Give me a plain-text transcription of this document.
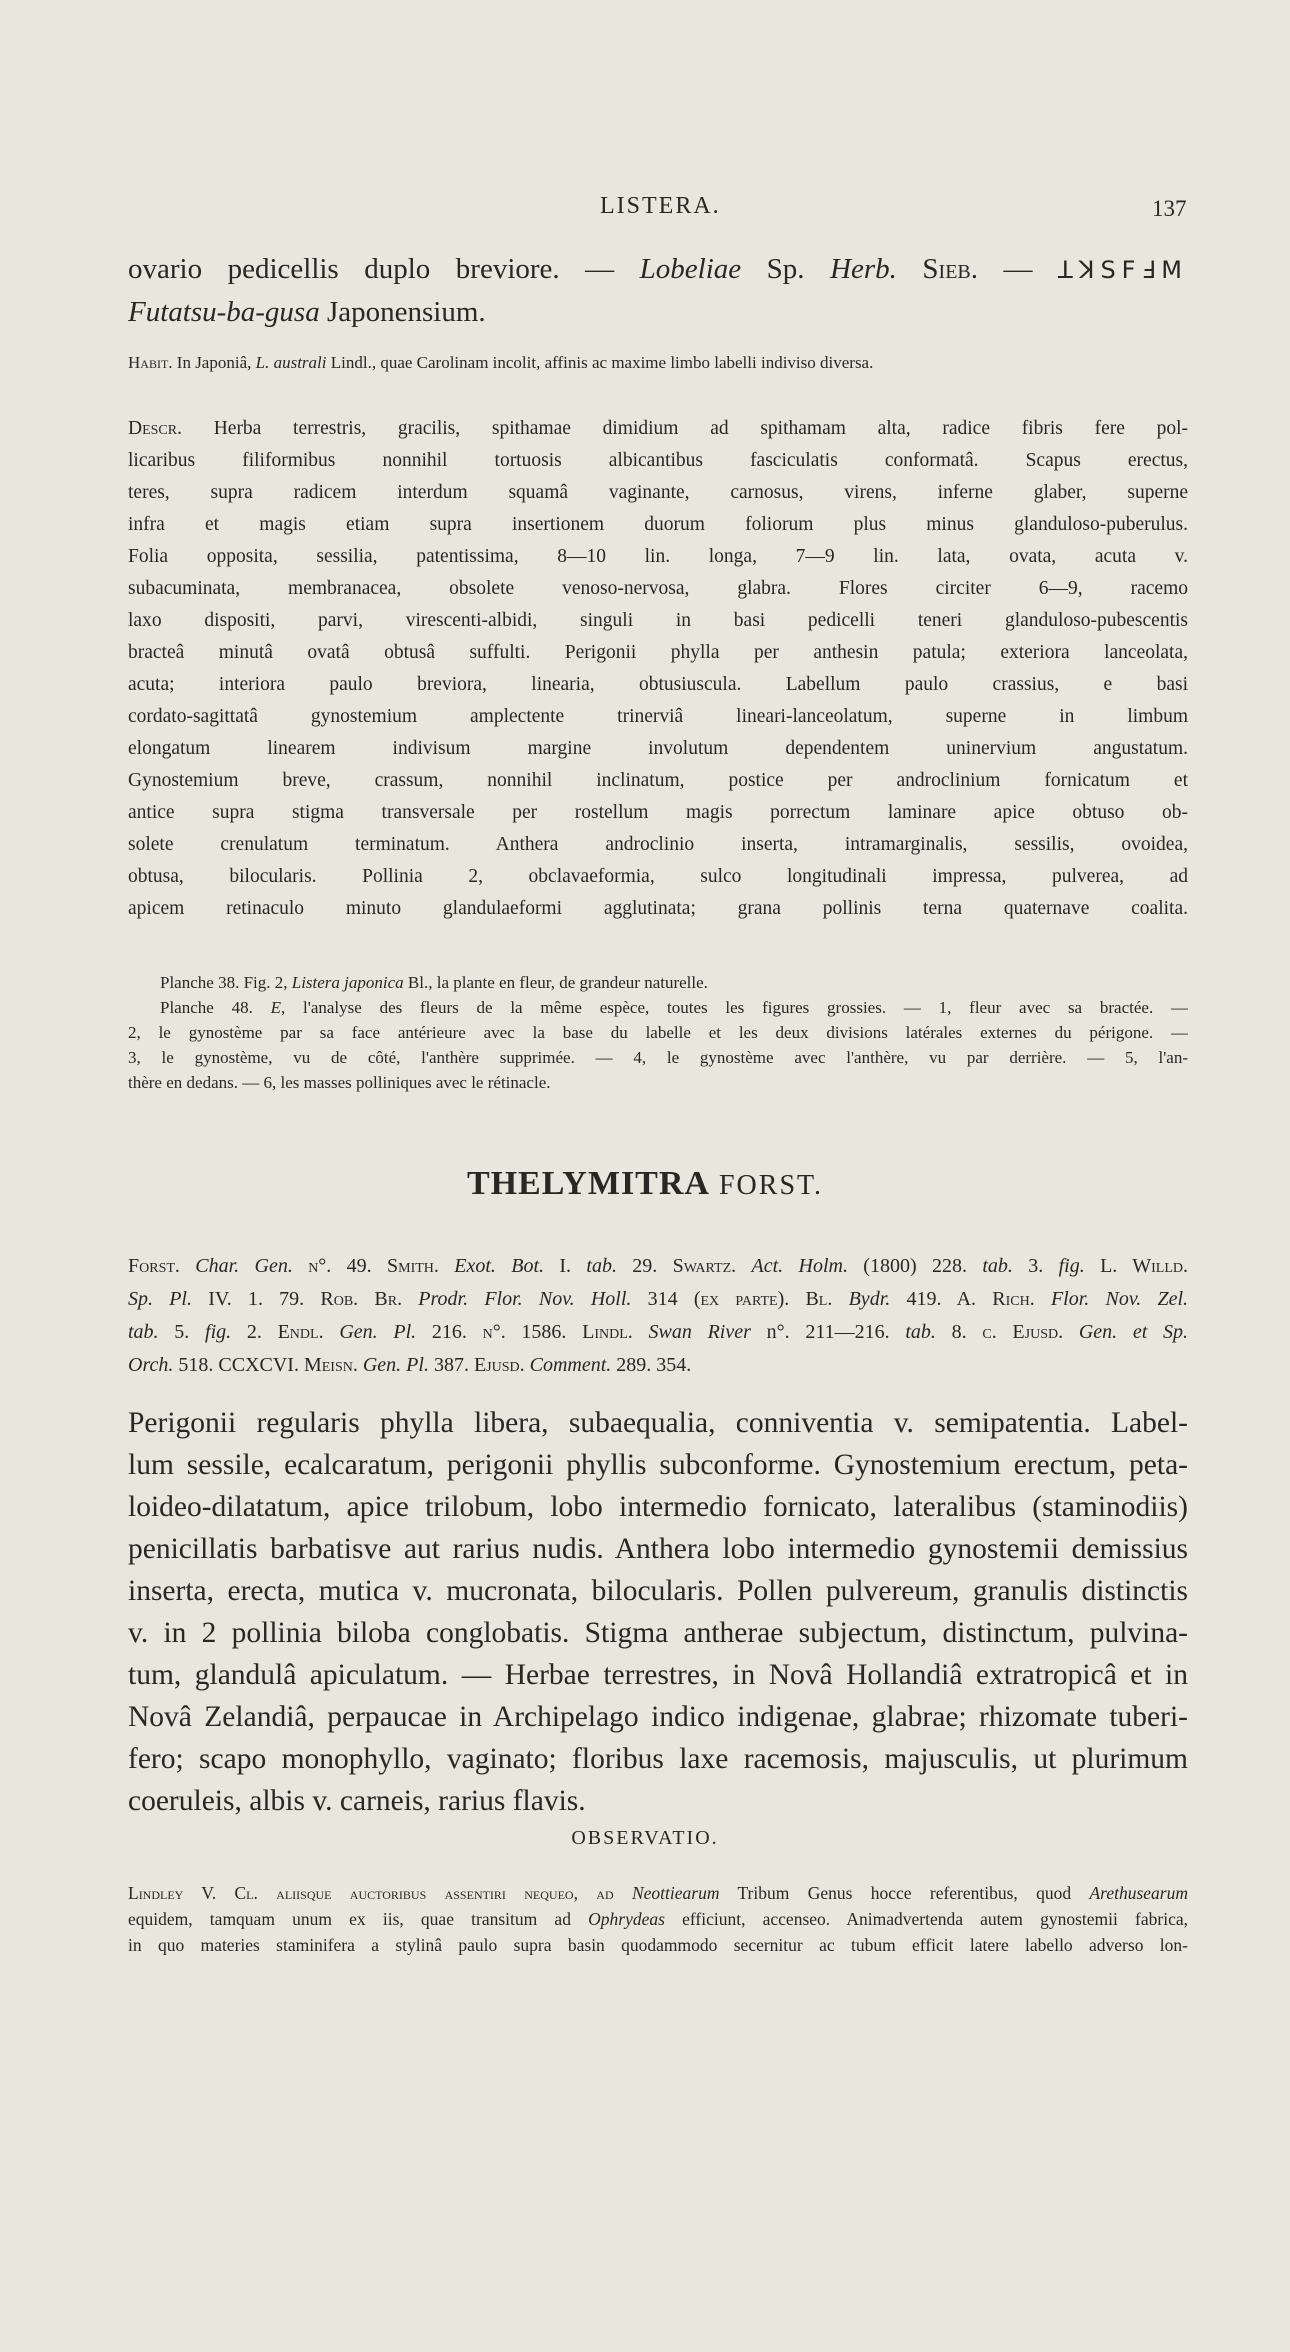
LISTERA.	137
ovario pedicellis duplo breviore. — Lobeliae Sp. Herb. Sieb. — ꓕꓘꓢꓝꓞꓟ
Futatsu-ba-gusa Japonensium.
Habit. In Japoniâ, L. australi Lindl., quae Carolinam incolit, affinis ac maxime limbo labelli indiviso diversa.
Descr. Herba terrestris, gracilis, spithamae dimidium ad spithamam alta, radice fibris fere pol-
licaribus filiformibus nonnihil tortuosis albicantibus fasciculatis conformatâ. Scapus erectus,
teres, supra radicem interdum squamâ vaginante, carnosus, virens, inferne glaber, superne
infra et magis etiam supra insertionem duorum foliorum plus minus glanduloso-puberulus.
Folia opposita, sessilia, patentissima, 8—10 lin. longa, 7—9 lin. lata, ovata, acuta v.
subacuminata, membranacea, obsolete venoso-nervosa, glabra. Flores circiter 6—9, racemo
laxo dispositi, parvi, virescenti-albidi, singuli in basi pedicelli teneri glanduloso-pubescentis
bracteâ minutâ ovatâ obtusâ suffulti. Perigonii phylla per anthesin patula; exteriora lanceolata,
acuta; interiora paulo breviora, linearia, obtusiuscula. Labellum paulo crassius, e basi
cordato-sagittatâ gynostemium amplectente trinerviâ lineari-lanceolatum, superne in limbum
elongatum linearem indivisum margine involutum dependentem uninervium angustatum.
Gynostemium breve, crassum, nonnihil inclinatum, postice per androclinium fornicatum et
antice supra stigma transversale per rostellum magis porrectum laminare apice obtuso ob-
solete crenulatum terminatum. Anthera androclinio inserta, intramarginalis, sessilis, ovoidea,
obtusa, bilocularis. Pollinia 2, obclavaeformia, sulco longitudinali impressa, pulverea, ad
apicem retinaculo minuto glandulaeformi agglutinata; grana pollinis terna quaternave coalita.
Planche 38. Fig. 2, Listera japonica Bl., la plante en fleur, de grandeur naturelle.
Planche 48. E, l'analyse des fleurs de la même espèce, toutes les figures grossies. — 1, fleur avec sa bractée. —
2, le gynostème par sa face antérieure avec la base du labelle et les deux divisions latérales externes du périgone. —
3, le gynostème, vu de côté, l'anthère supprimée. — 4, le gynostème avec l'anthère, vu par derrière. — 5, l'an-
thère en dedans. — 6, les masses polliniques avec le rétinacle.
THELYMITRA FORST.
Forst. Char. Gen. n°. 49. Smith. Exot. Bot. I. tab. 29. Swartz. Act. Holm. (1800) 228. tab. 3. fig. L. Willd.
Sp. Pl. IV. 1. 79. Rob. Br. Prodr. Flor. Nov. Holl. 314 (ex parte). Bl. Bydr. 419. A. Rich. Flor. Nov. Zel.
tab. 5. fig. 2. Endl. Gen. Pl. 216. n°. 1586. Lindl. Swan River n°. 211—216. tab. 8. c. Ejusd. Gen. et Sp.
Orch. 518. CCXCVI. Meisn. Gen. Pl. 387. Ejusd. Comment. 289. 354.
Perigonii regularis phylla libera, subaequalia, conniventia v. semipatentia. Label-
lum sessile, ecalcaratum, perigonii phyllis subconforme. Gynostemium erectum, peta-
loideo-dilatatum, apice trilobum, lobo intermedio fornicato, lateralibus (staminodiis)
penicillatis barbatisve aut rarius nudis. Anthera lobo intermedio gynostemii demissius
inserta, erecta, mutica v. mucronata, bilocularis. Pollen pulvereum, granulis distinctis
v. in 2 pollinia biloba conglobatis. Stigma antherae subjectum, distinctum, pulvina-
tum, glandulâ apiculatum. — Herbae terrestres, in Novâ Hollandiâ extratropicâ et in
Novâ Zelandiâ, perpaucae in Archipelago indico indigenae, glabrae; rhizomate tuberi-
fero; scapo monophyllo, vaginato; floribus laxe racemosis, majusculis, ut plurimum
coeruleis, albis v. carneis, rarius flavis.
OBSERVATIO.
Lindley V. Cl. aliisque auctoribus assentiri nequeo, ad Neottiearum Tribum Genus hocce referentibus, quod Arethusearum
equidem, tamquam unum ex iis, quae transitum ad Ophrydeas efficiunt, accenseo. Animadvertenda autem gynostemii fabrica,
in quo materies staminifera a stylinâ paulo supra basin quodammodo secernitur ac tubum efficit latere labello adverso lon-
